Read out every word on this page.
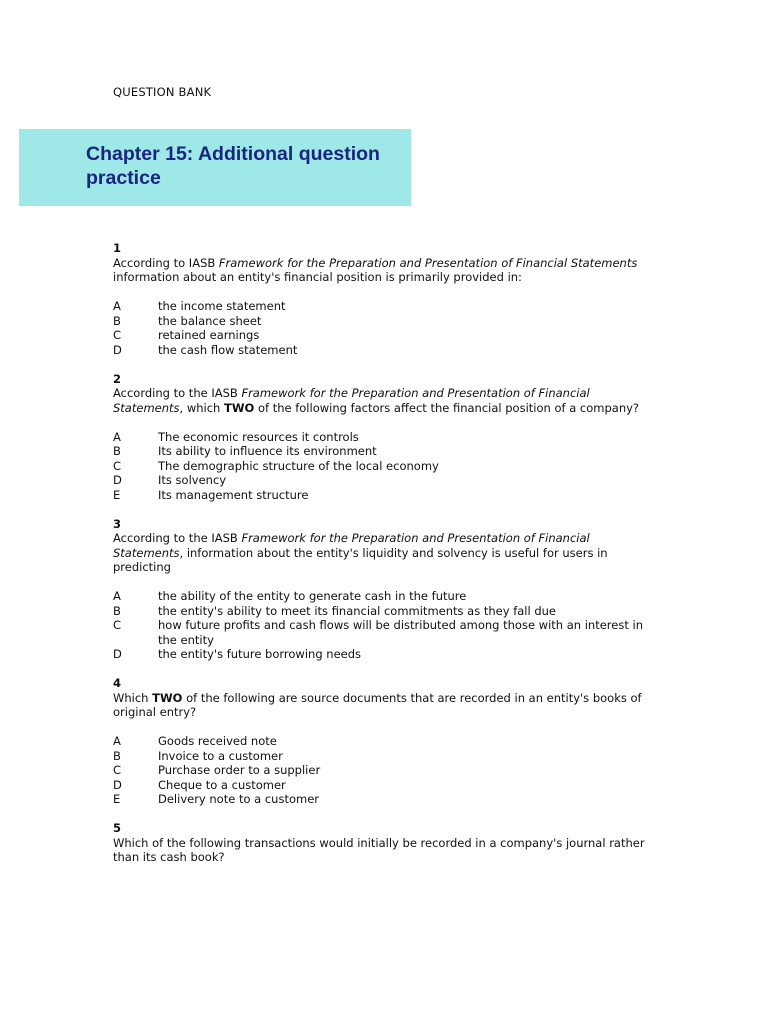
QUESTION BANK
Chapter 15: Additional question practice
1

According to IASB Framework for the Preparation and Presentation of Financial Statements information about an entity's financial position is primarily provided in:

A	the income statement
B	the balance sheet
C	retained earnings
D	the cash flow statement
2

According to the IASB Framework for the Preparation and Presentation of Financial Statements, which TWO of the following factors affect the financial position of a company?

A	The economic resources it controls
B	Its ability to influence its environment
C	The demographic structure of the local economy
D	Its solvency
E	Its management structure
3

According to the IASB Framework for the Preparation and Presentation of Financial Statements, information about the entity's liquidity and solvency is useful for users in predicting

A	the ability of the entity to generate cash in the future
B	the entity's ability to meet its financial commitments as they fall due
C	how future profits and cash flows will be distributed among those with an interest in the entity
D	the entity's future borrowing needs
4

Which TWO of the following are source documents that are recorded in an entity's books of original entry?

A	Goods received note
B	Invoice to a customer
C	Purchase order to a supplier
D	Cheque to a customer
E	Delivery note to a customer
5

Which of the following transactions would initially be recorded in a company's journal rather than its cash book?
